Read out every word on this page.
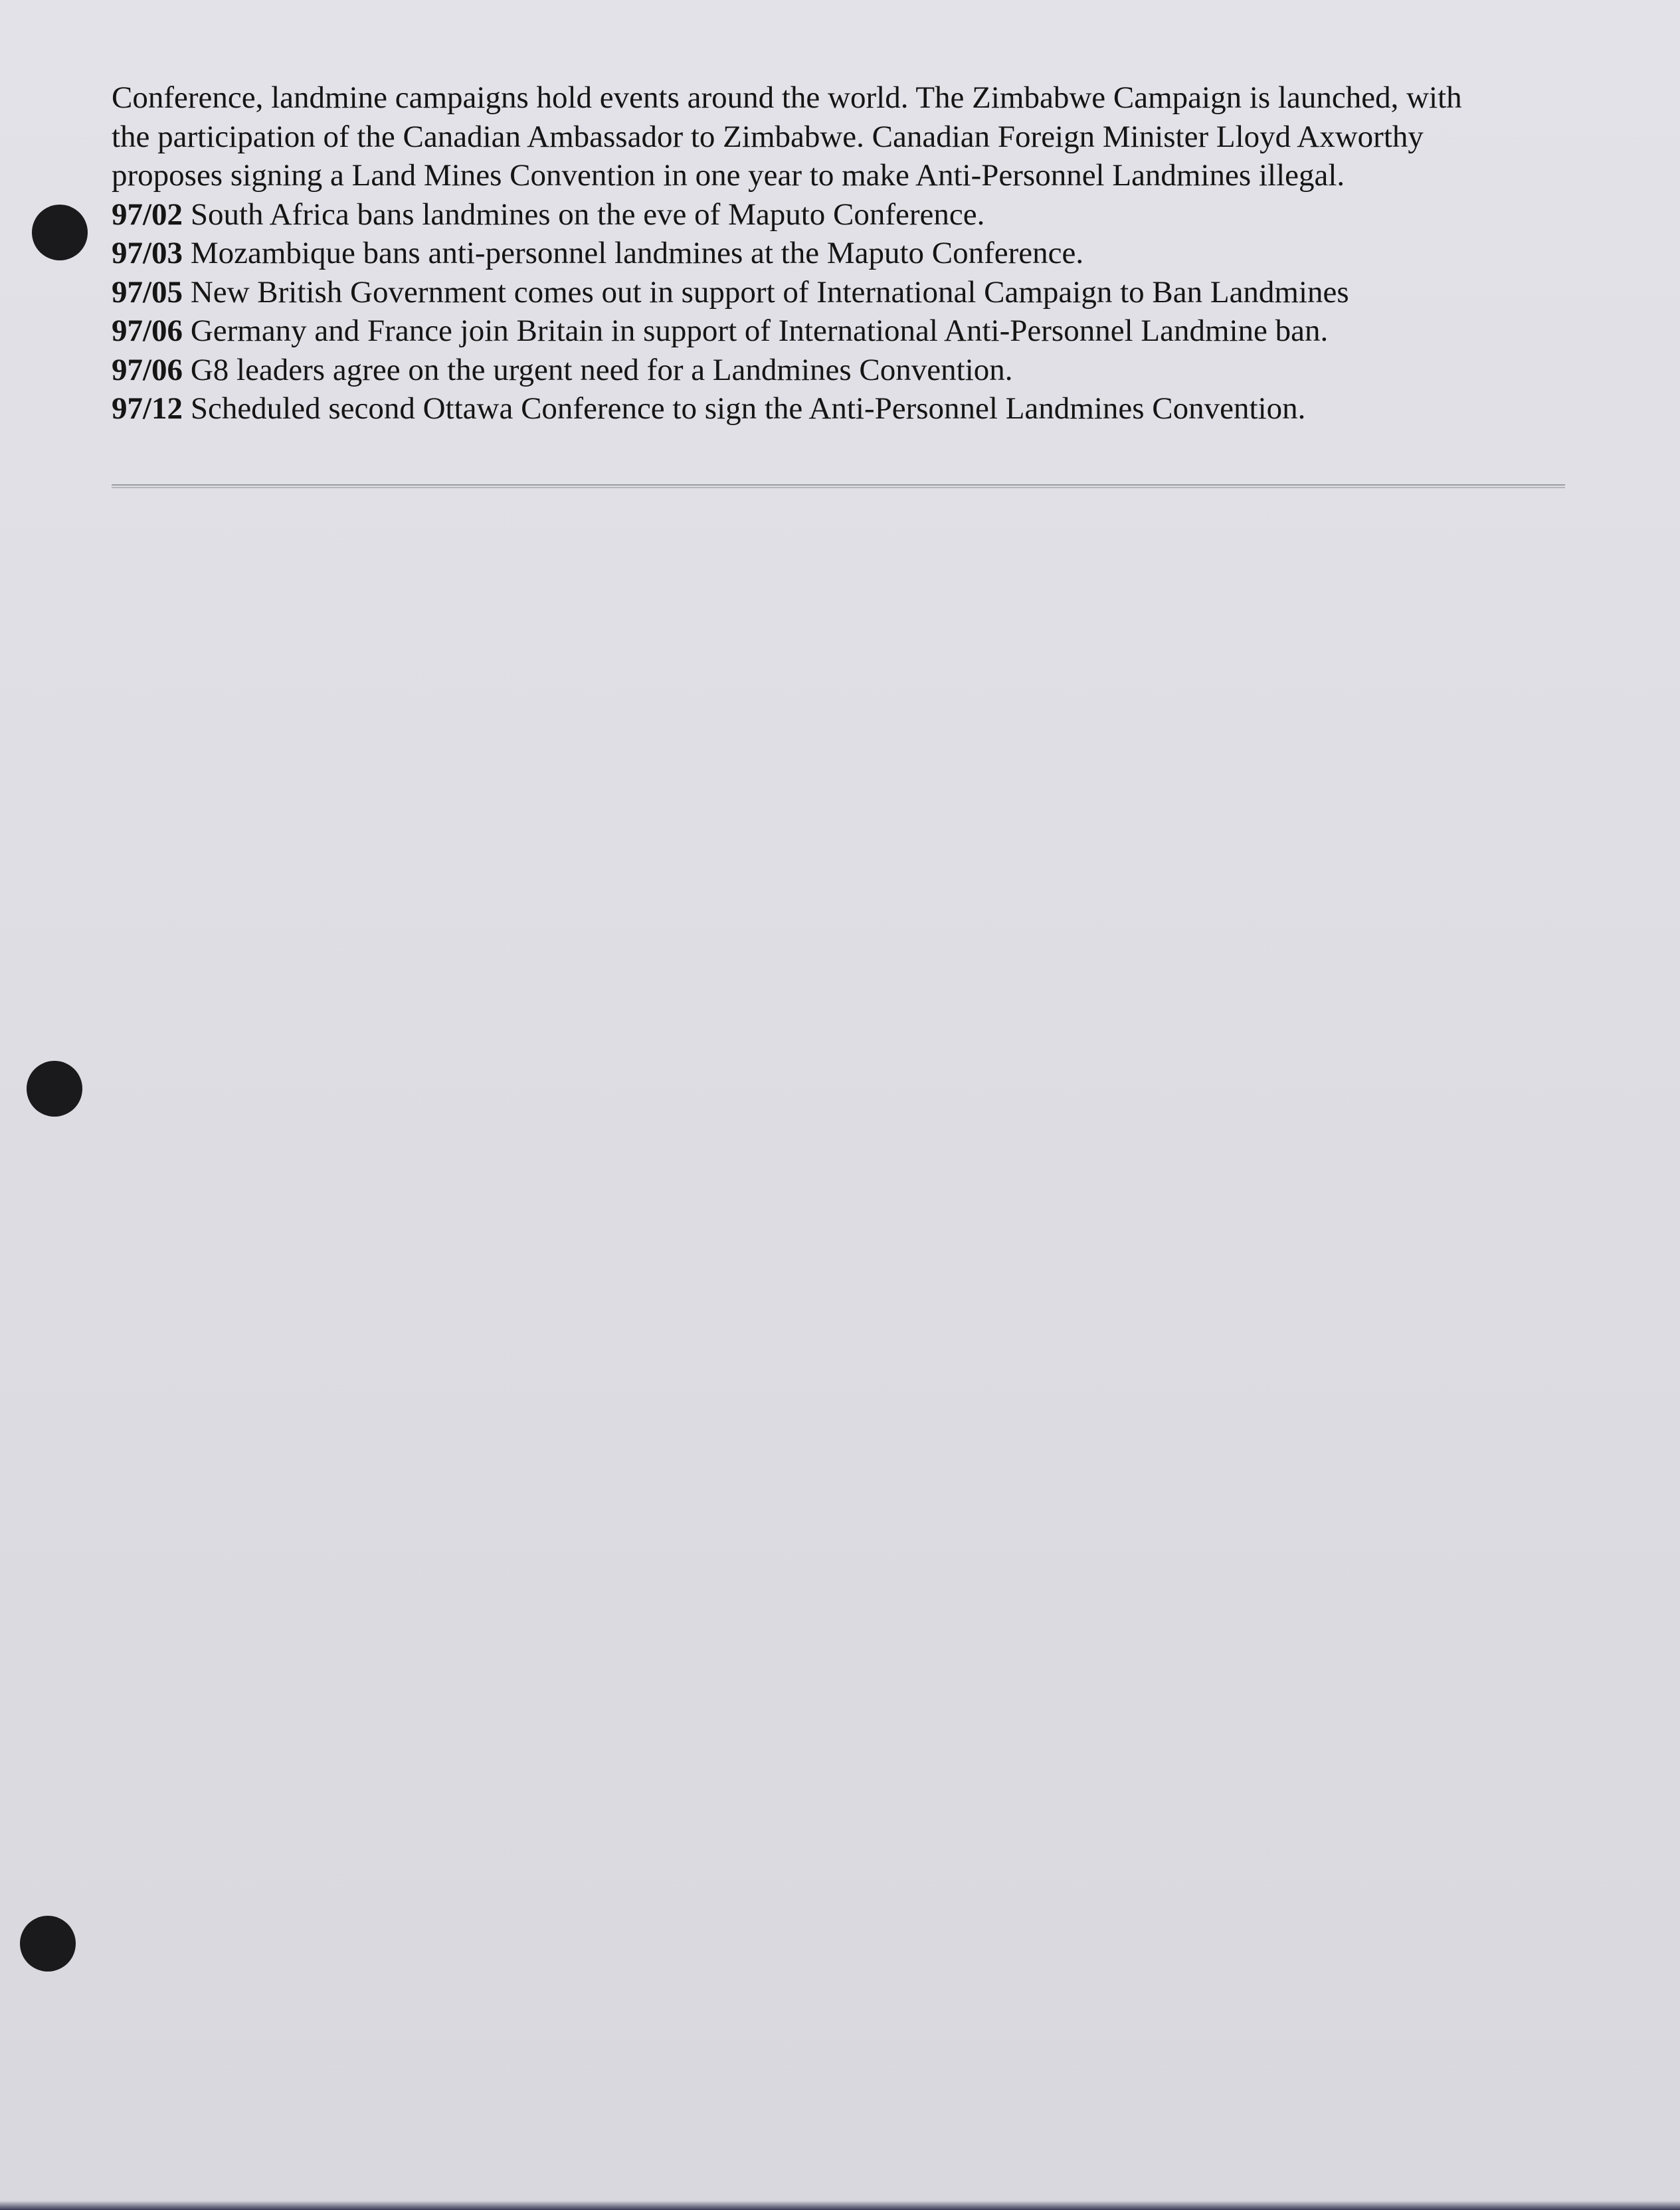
Conference, landmine campaigns hold events around the world. The Zimbabwe Campaign is launched, with
the participation of the Canadian Ambassador to Zimbabwe. Canadian Foreign Minister Lloyd Axworthy
proposes signing a Land Mines Convention in one year to make Anti-Personnel Landmines illegal.
97/02 South Africa bans landmines on the eve of Maputo Conference.
97/03 Mozambique bans anti-personnel landmines at the Maputo Conference.
97/05 New British Government comes out in support of International Campaign to Ban Landmines
97/06 Germany and France join Britain in support of International Anti-Personnel Landmine ban.
97/06 G8 leaders agree on the urgent need for a Landmines Convention.
97/12 Scheduled second Ottawa Conference to sign the Anti-Personnel Landmines Convention.
